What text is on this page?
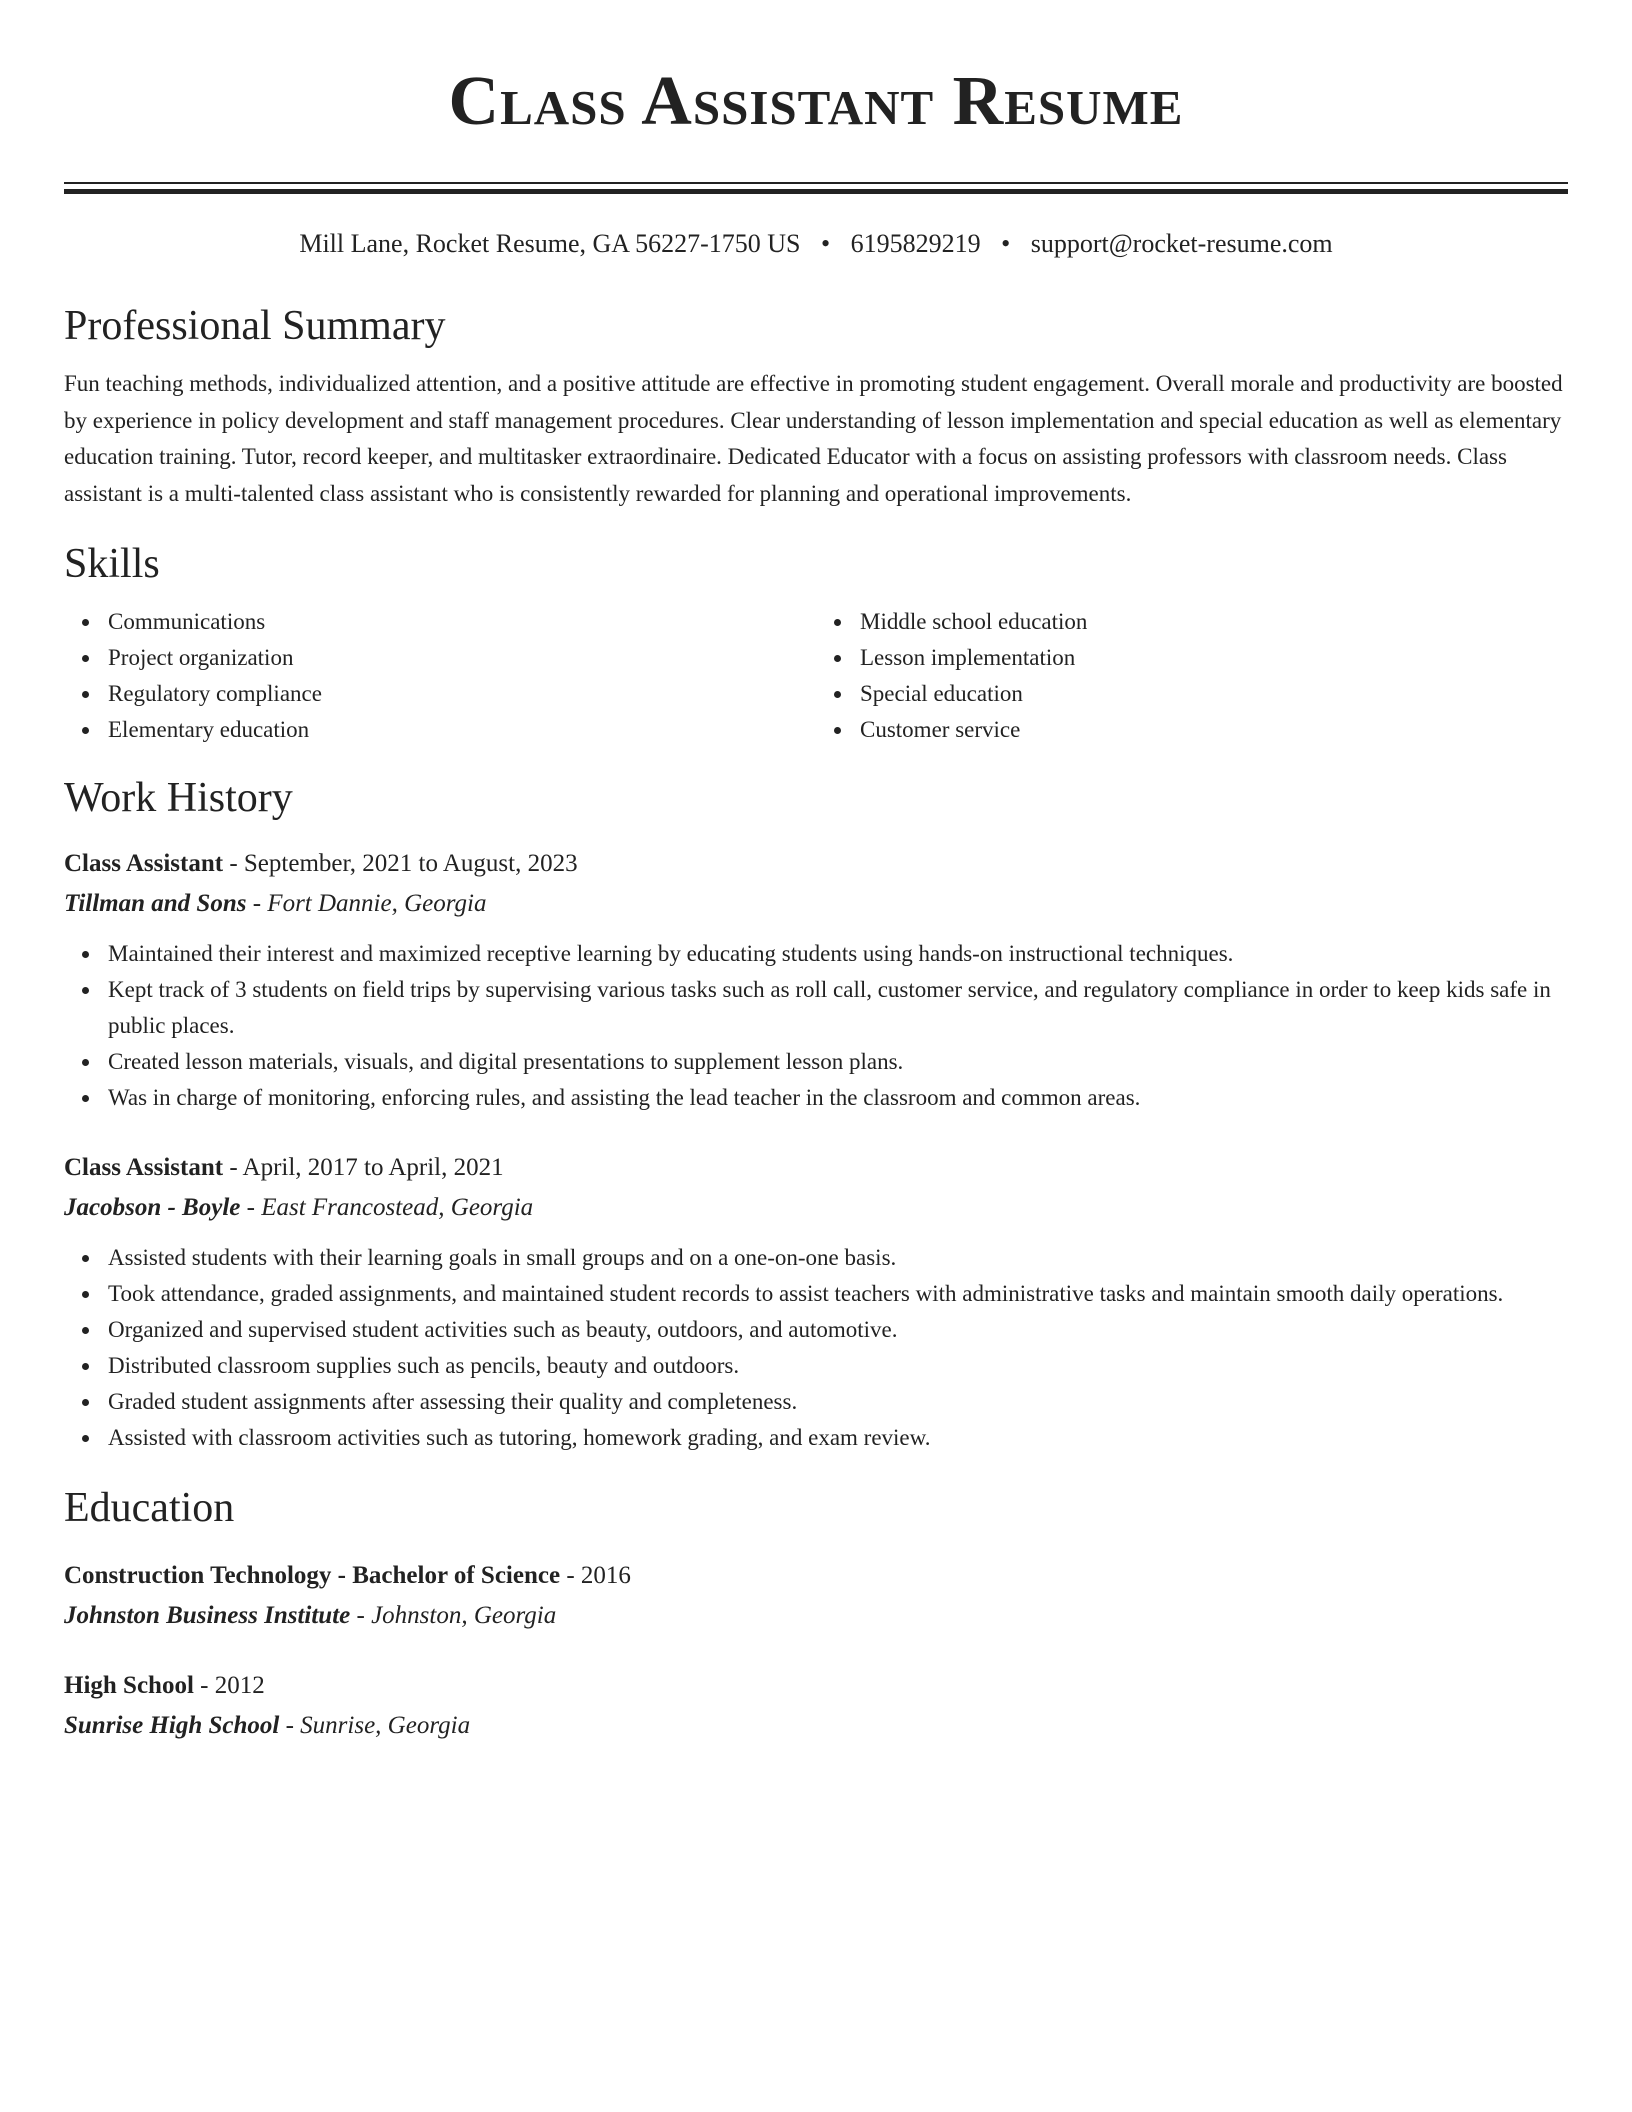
Class Assistant Resume
Mill Lane, Rocket Resume, GA 56227-1750 US • 6195829219 • support@rocket-resume.com
Professional Summary
Fun teaching methods, individualized attention, and a positive attitude are effective in promoting student engagement. Overall morale and productivity are boosted by experience in policy development and staff management procedures. Clear understanding of lesson implementation and special education as well as elementary education training. Tutor, record keeper, and multitasker extraordinaire. Dedicated Educator with a focus on assisting professors with classroom needs. Class assistant is a multi-talented class assistant who is consistently rewarded for planning and operational improvements.
Skills
Communications
Project organization
Regulatory compliance
Elementary education
Middle school education
Lesson implementation
Special education
Customer service
Work History
Class Assistant - September, 2021 to August, 2023
Tillman and Sons - Fort Dannie, Georgia
Maintained their interest and maximized receptive learning by educating students using hands-on instructional techniques.
Kept track of 3 students on field trips by supervising various tasks such as roll call, customer service, and regulatory compliance in order to keep kids safe in public places.
Created lesson materials, visuals, and digital presentations to supplement lesson plans.
Was in charge of monitoring, enforcing rules, and assisting the lead teacher in the classroom and common areas.
Class Assistant - April, 2017 to April, 2021
Jacobson - Boyle - East Francostead, Georgia
Assisted students with their learning goals in small groups and on a one-on-one basis.
Took attendance, graded assignments, and maintained student records to assist teachers with administrative tasks and maintain smooth daily operations.
Organized and supervised student activities such as beauty, outdoors, and automotive.
Distributed classroom supplies such as pencils, beauty and outdoors.
Graded student assignments after assessing their quality and completeness.
Assisted with classroom activities such as tutoring, homework grading, and exam review.
Education
Construction Technology - Bachelor of Science - 2016
Johnston Business Institute - Johnston, Georgia
High School - 2012
Sunrise High School - Sunrise, Georgia
